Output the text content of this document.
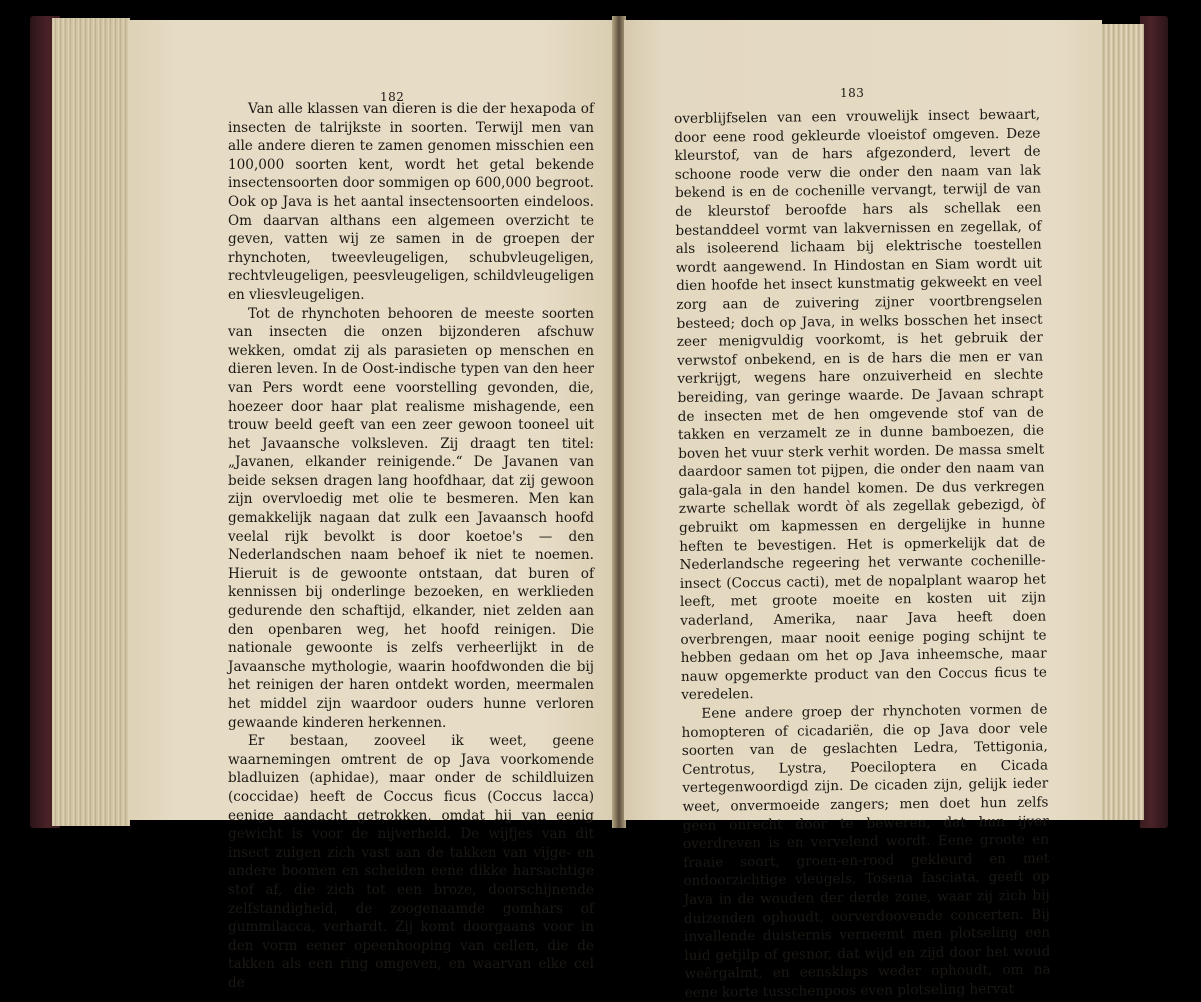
182

Van alle klassen van dieren is die der hexapoda of insecten de talrijkste in soorten. Terwijl men van alle andere dieren te zamen genomen misschien een 100,000 soorten kent, wordt het getal bekende insectensoorten door sommigen op 600,000 begroot. Ook op Java is het aantal insectensoorten eindeloos. Om daarvan althans een algemeen overzicht te geven, vatten wij ze samen in de groepen der rhynchoten, tweevleugeligen, schubvleugeligen, rechtvleugeligen, peesvleugeligen, schildvleugeligen en vliesvleugeligen.

Tot de rhynchoten behooren de meeste soorten van insecten die onzen bijzonderen afschuw wekken, omdat zij als parasieten op menschen en dieren leven. In de Oost-indische typen van den heer van Pers wordt eene voorstelling gevonden, die, hoezeer door haar plat realisme mishagende, een trouw beeld geeft van een zeer gewoon tooneel uit het Javaansche volksleven. Zij draagt ten titel: „Javanen, elkander reinigende.“ De Javanen van beide seksen dragen lang hoofdhaar, dat zij gewoon zijn overvloedig met olie te besmeren. Men kan gemakkelijk nagaan dat zulk een Javaansch hoofd veelal rijk bevolkt is door koetoe's — den Nederlandschen naam behoef ik niet te noemen. Hieruit is de gewoonte ontstaan, dat buren of kennissen bij onderlinge bezoeken, en werklieden gedurende den schaftijd, elkander, niet zelden aan den openbaren weg, het hoofd reinigen. Die nationale gewoonte is zelfs verheerlijkt in de Javaansche mythologie, waarin hoofdwonden die bij het reinigen der haren ontdekt worden, meermalen het middel zijn waardoor ouders hunne verloren gewaande kinderen herkennen.

Er bestaan, zooveel ik weet, geene waarnemingen omtrent de op Java voorkomende bladluizen (aphidae), maar onder de schildluizen (coccidae) heeft de Coccus ficus (Coccus lacca) eenige aandacht getrokken, omdat hij van eenig gewicht is voor de nijverheid. De wijfjes van dit insect zuigen zich vast aan de takken van vijge- en andere boomen en scheiden eene dikke harsachtige stof af, die zich tot een broze, doorschijnende zelfstandigheid, de zoogenaamde gomhars of gummilacca, verhardt. Zij komt doorgaans voor in den vorm eener opeenhooping van cellen, die de takken als een ring omgeven, en waarvan elke cel de

183

overblijfselen van een vrouwelijk insect bewaart, door eene rood gekleurde vloeistof omgeven. Deze kleurstof, van de hars afgezonderd, levert de schoone roode verw die onder den naam van lak bekend is en de cochenille vervangt, terwijl de van de kleurstof beroofde hars als schellak een bestanddeel vormt van lakvernissen en zegellak, of als isoleerend lichaam bij elektrische toestellen wordt aangewend. In Hindostan en Siam wordt uit dien hoofde het insect kunstmatig gekweekt en veel zorg aan de zuivering zijner voortbrengselen besteed; doch op Java, in welks bosschen het insect zeer menigvuldig voorkomt, is het gebruik der verwstof onbekend, en is de hars die men er van verkrijgt, wegens hare onzuiverheid en slechte bereiding, van geringe waarde. De Javaan schrapt de insecten met de hen omgevende stof van de takken en verzamelt ze in dunne bamboezen, die boven het vuur sterk verhit worden. De massa smelt daardoor samen tot pijpen, die onder den naam van gala-gala in den handel komen. De dus verkregen zwarte schellak wordt òf als zegellak gebezigd, òf gebruikt om kapmessen en dergelijke in hunne heften te bevestigen. Het is opmerkelijk dat de Nederlandsche regeering het verwante cochenille-insect (Coccus cacti), met de nopalplant waarop het leeft, met groote moeite en kosten uit zijn vaderland, Amerika, naar Java heeft doen overbrengen, maar nooit eenige poging schijnt te hebben gedaan om het op Java inheemsche, maar nauw opgemerkte product van den Coccus ficus te veredelen.

Eene andere groep der rhynchoten vormen de homopteren of cicadariën, die op Java door vele soorten van de geslachten Ledra, Tettigonia, Centrotus, Lystra, Poeciloptera en Cicada vertegenwoordigd zijn. De cicaden zijn, gelijk ieder weet, onvermoeide zangers; men doet hun zelfs geen onrecht door te beweren, dat hun ijver overdreven is en vervelend wordt. Eene groote en fraaie soort, groen-en-rood gekleurd en met ondoorzichtige vleugels, Tosena fasciata, geeft op Java in de wouden der derde zone, waar zij zich bij duizenden ophoudt, oorverdoovende concerten. Bij invallende duisternis verneemt men plotseling een luid getjilp of gesnor, dat wijd en zijd door het woud weêrgalmt, en eensklaps weder ophoudt, om na eene korte tusschenpoos even plotseling hervat
